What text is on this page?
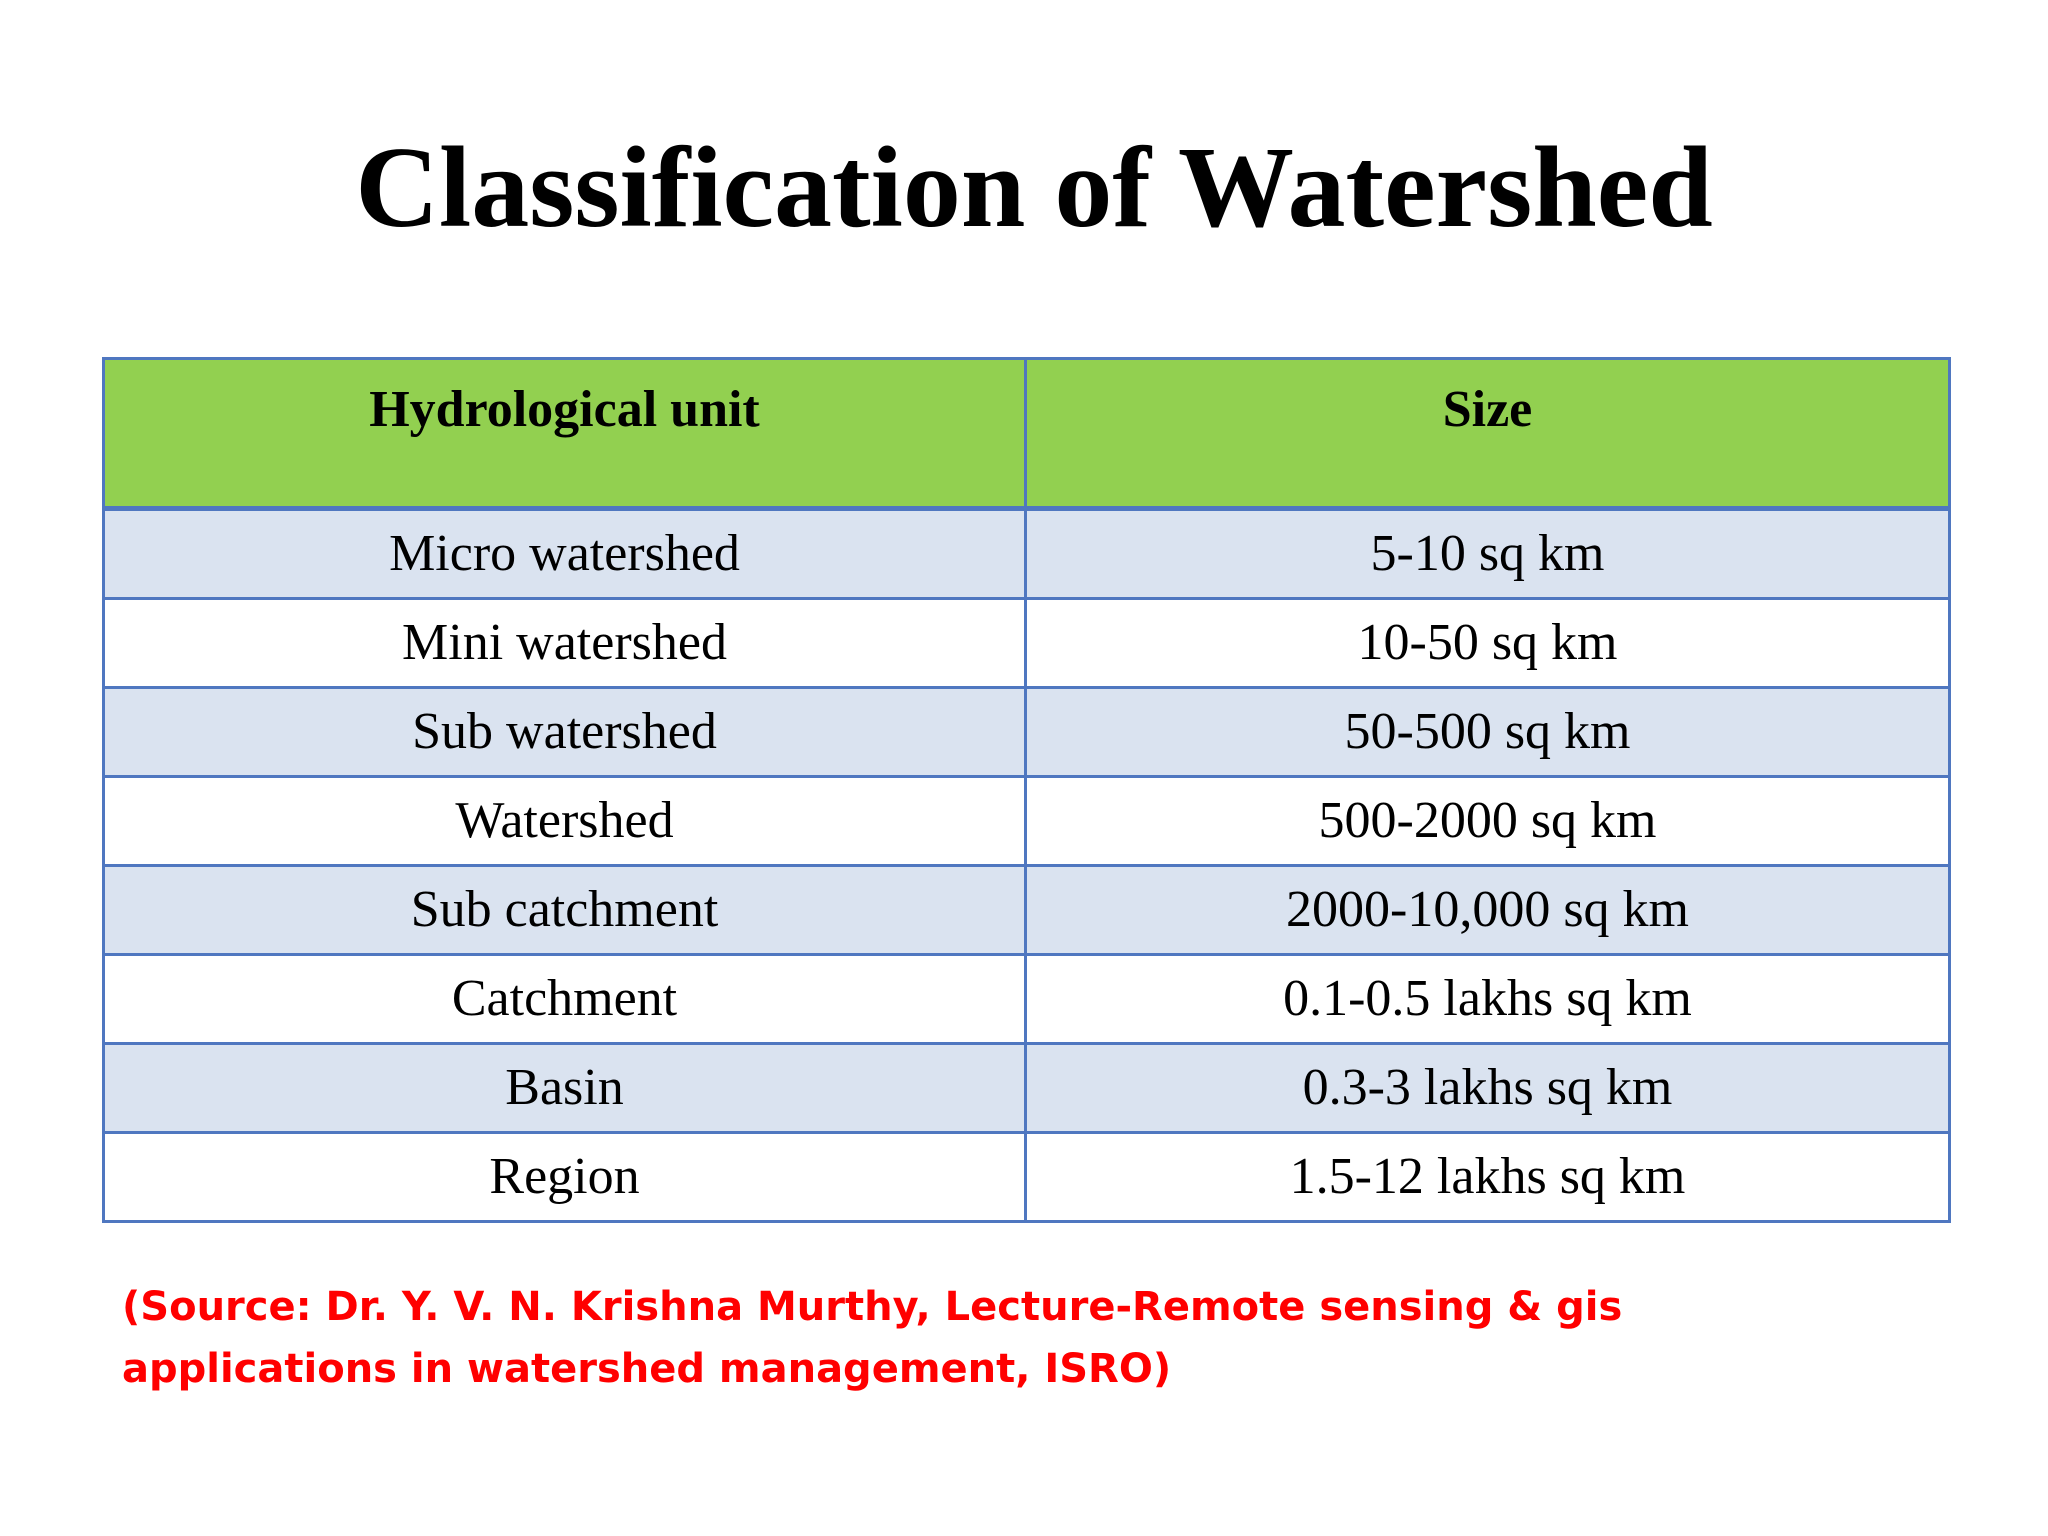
Classification of Watershed
Hydrological unit	Size
Micro watershed	5-10 sq km
Mini watershed	10-50 sq km
Sub watershed	50-500 sq km
Watershed	500-2000 sq km
Sub catchment	2000-10,000 sq km
Catchment	0.1-0.5 lakhs sq km
Basin	0.3-3 lakhs sq km
Region	1.5-12 lakhs sq km

(Source: Dr. Y. V. N. Krishna Murthy, Lecture-Remote sensing & gis applications in watershed management, ISRO)
